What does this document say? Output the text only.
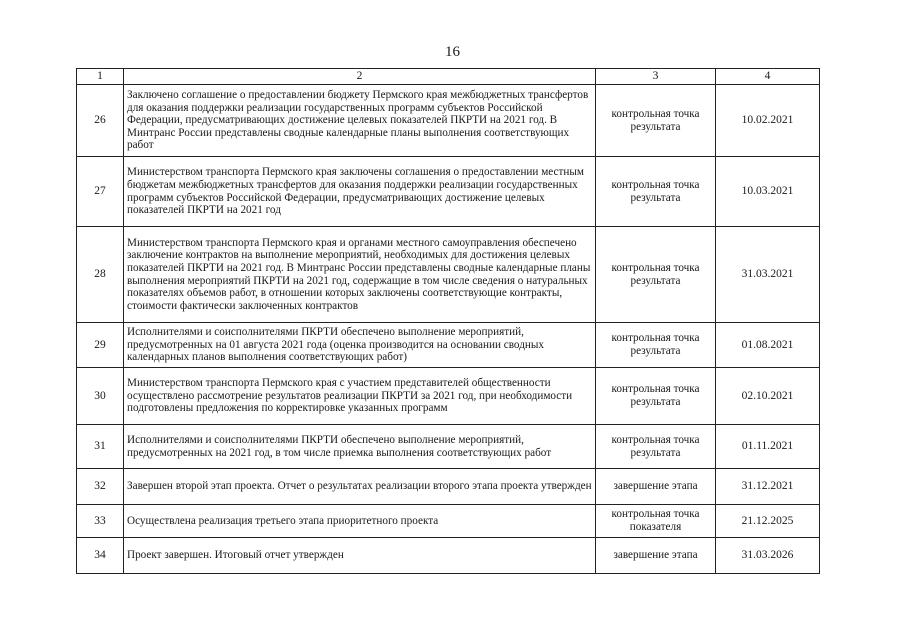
16
1	2	3	4
26	Заключено соглашение о предоставлении бюджету Пермского края межбюджетных трансфертов для оказания поддержки реализации государственных программ субъектов Российской Федерации, предусматривающих достижение целевых показателей ПКРТИ на 2021 год. В Минтранс России представлены сводные календарные планы выполнения соответствующих работ	контрольная точка результата	10.02.2021
27	Министерством транспорта Пермского края заключены соглашения о предоставлении местным бюджетам межбюджетных трансфертов для оказания поддержки реализации государственных программ субъектов Российской Федерации, предусматривающих достижение целевых показателей ПКРТИ на 2021 год	контрольная точка результата	10.03.2021
28	Министерством транспорта Пермского края и органами местного самоуправления обеспечено заключение контрактов на выполнение мероприятий, необходимых для достижения целевых показателей ПКРТИ на 2021 год. В Минтранс России представлены сводные календарные планы выполнения мероприятий ПКРТИ на 2021 год, содержащие в том числе сведения о натуральных показателях объемов работ, в отношении которых заключены соответствующие контракты, стоимости фактически заключенных контрактов	контрольная точка результата	31.03.2021
29	Исполнителями и соисполнителями ПКРТИ обеспечено выполнение мероприятий, предусмотренных на 01 августа 2021 года (оценка производится на основании сводных календарных планов выполнения соответствующих работ)	контрольная точка результата	01.08.2021
30	Министерством транспорта Пермского края с участием представителей общественности осуществлено рассмотрение результатов реализации ПКРТИ за 2021 год, при необходимости подготовлены предложения по корректировке указанных программ	контрольная точка результата	02.10.2021
31	Исполнителями и соисполнителями ПКРТИ обеспечено выполнение мероприятий, предусмотренных на 2021 год, в том числе приемка выполнения соответствующих работ	контрольная точка результата	01.11.2021
32	Завершен второй этап проекта. Отчет о результатах реализации второго этапа проекта утвержден	завершение этапа	31.12.2021
33	Осуществлена реализация третьего этапа приоритетного проекта	контрольная точка показателя	21.12.2025
34	Проект завершен. Итоговый отчет утвержден	завершение этапа	31.03.2026
